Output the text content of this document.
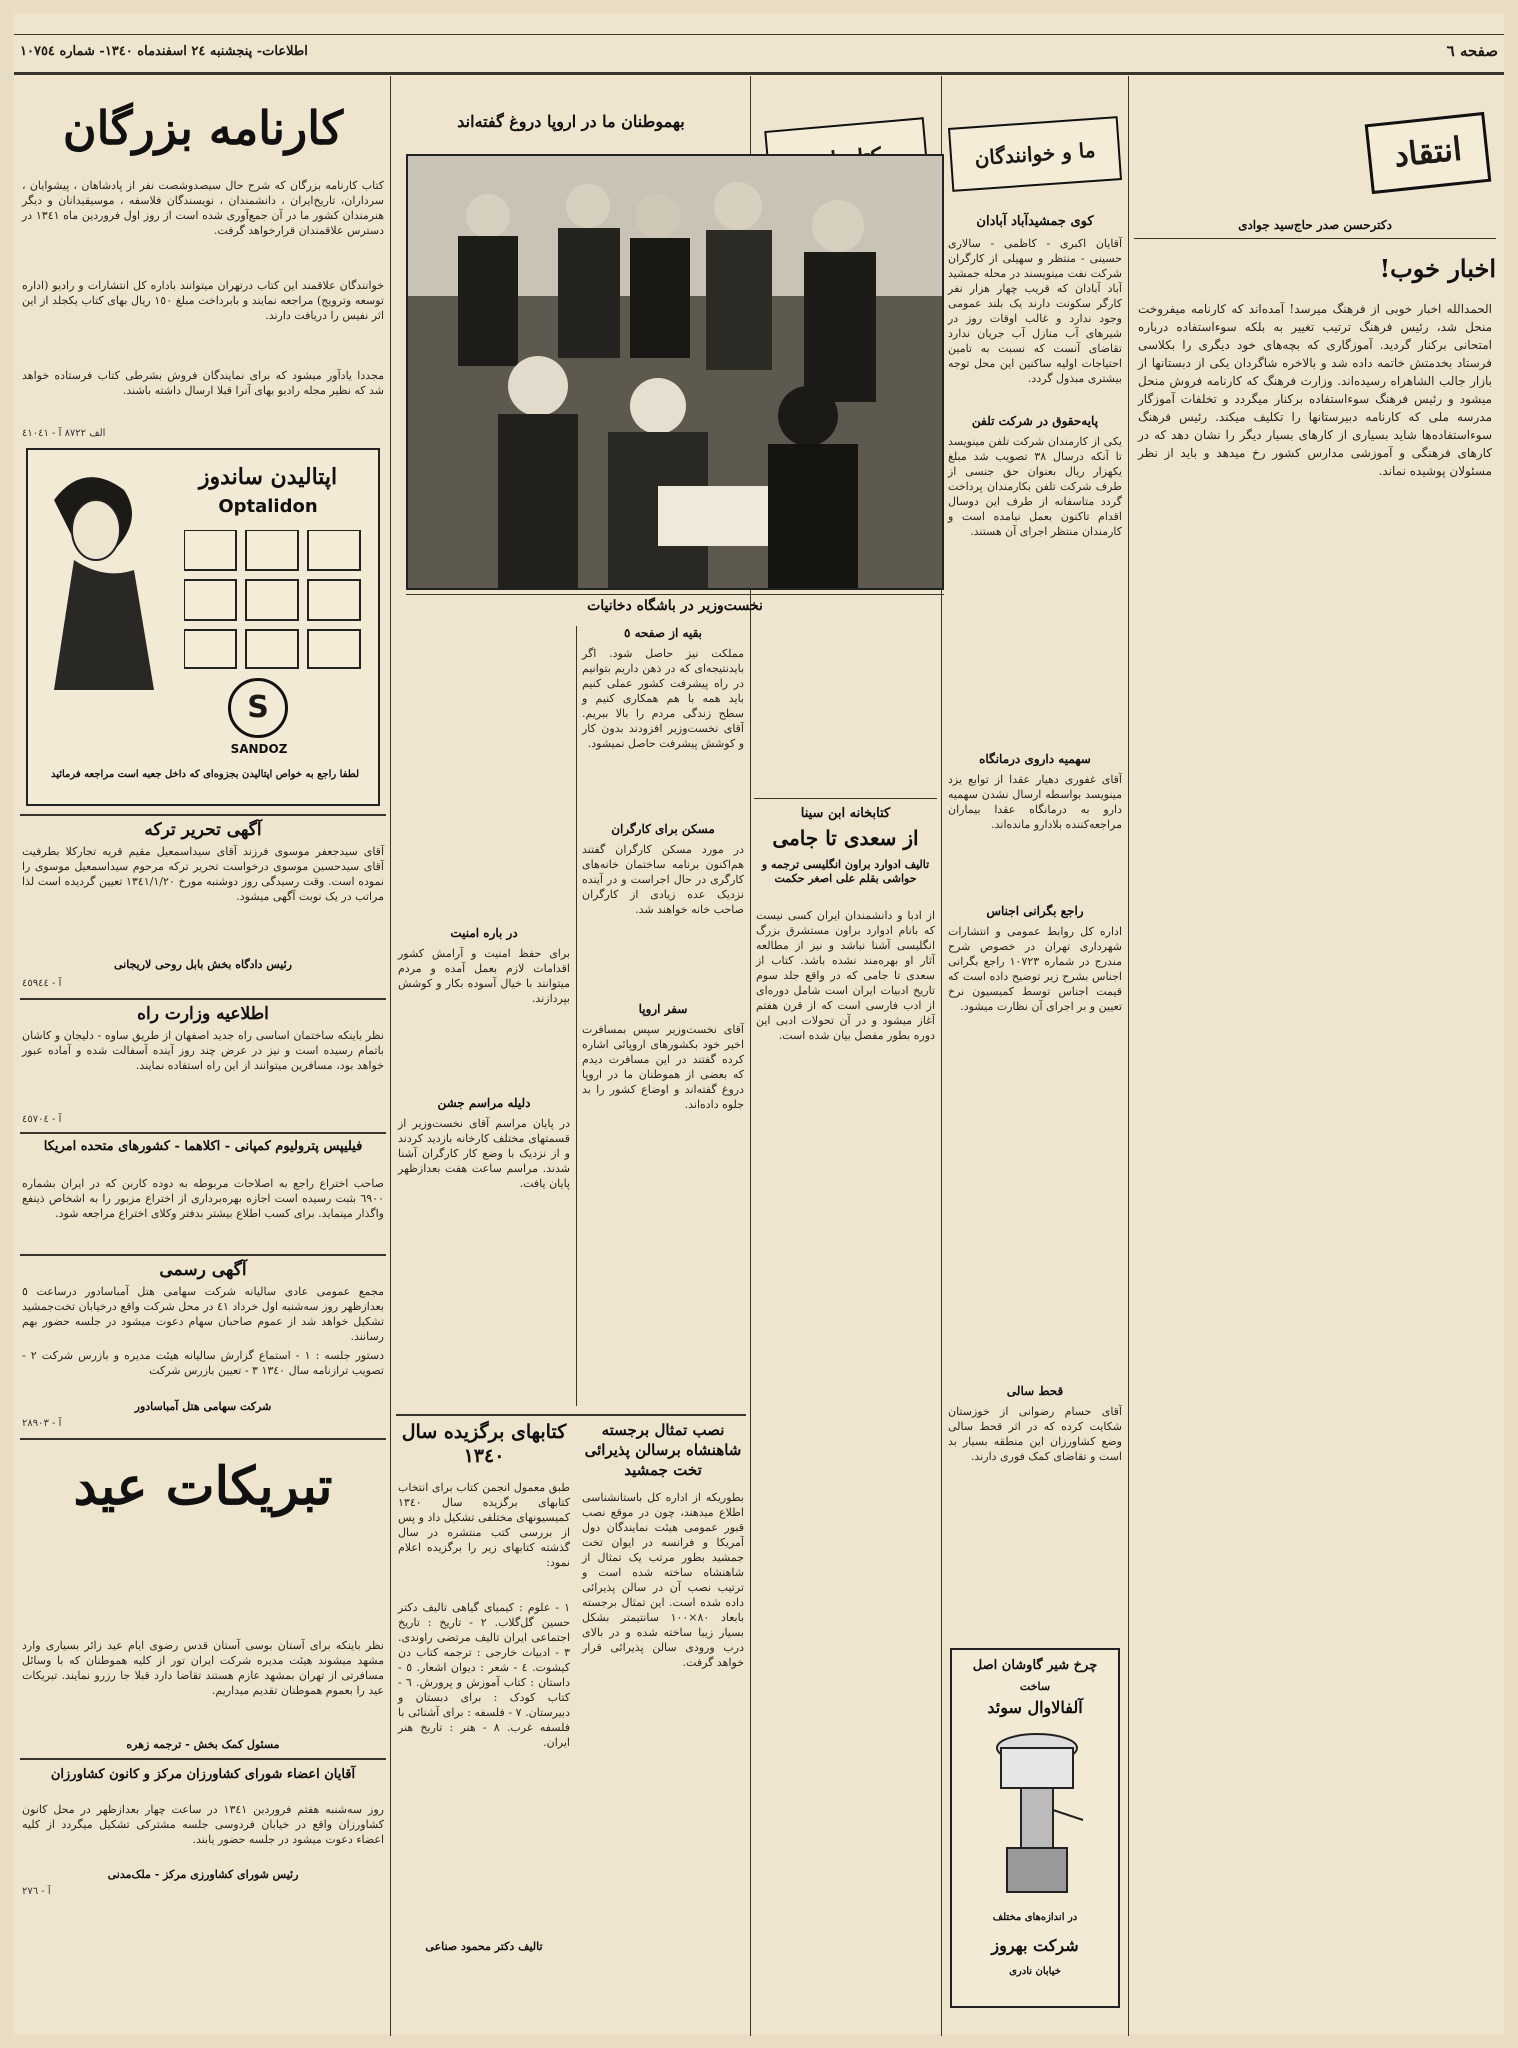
صفحه ٦
اطلاعات- پنجشنبه ٢٤ اسفندماه ١٣٤٠- شماره ١٠٧٥٤
انتقاد
دکترحسن صدر حاج‌سید جوادی
اخبار خوب!
الحمدالله اخبار خوبی از فرهنگ میرسد! آمده‌اند که کارنامه میفروخت منحل شد، رئیس فرهنگ ترتیب‌ تغییر به بلکه سوءاستفاده درباره امتحانی برکنار گردید. آموزگاری که بچه‌های خود دیگری را بکلاسی فرستاد بخدمتش خاتمه داده شد و بالاخره شاگردان یکی از دبستانها از بازار جالب الشاهراه رسیده‌اند. وزارت فرهنگ که کارنامه فروش منحل میشود و رئیس فرهنگ سوءاستفاده برکنار میگردد و تخلفات آموزگار مدرسه ملی که کارنامه دبیرستانها را تکلیف میکند. رئیس فرهنگ سوءاستفاده‌ها شاید بسیاری از کارهای بسیار دیگر را نشان دهد که در کارهای فرهنگی و آموزشی مدارس کشور رخ میدهد و باید از نظر مسئولان پوشیده نماند.
ما و خوانندگان
کوی جمشیدآباد آبادان
آقایان اکبری - کاظمی - سالاری حسینی - منتظر و سهیلی از کارگران شرکت نفت مینویسند در محله جمشید آباد آبادان که قریب چهار هزار نفر کارگر سکونت دارند یک بلند عمومی وجود ندارد و غالب اوقات روز در شیرهای آب منازل آب جریان ندارد تقاضای آنست که نسبت به تامین احتیاجات اولیه ساکنین این محل توجه بیشتری مبذول گردد.
پایه‌حقوق در شرکت تلفن
یکی از کارمندان شرکت تلفن مینویسد تا آنکه درسال ٣٨ تصویب شد مبلغ یکهزار ریال بعنوان حق جنسی از طرف شرکت تلفن بکارمندان پرداخت گردد متاسفانه از طرف این دوسال اقدام تاکنون بعمل نیامده است و کارمندان منتظر اجرای آن هستند.
سهمیه داروی درمانگاه
آقای غفوری دهیار عقدا از توابع یزد مینویسد بواسطه ارسال نشدن سهمیه دارو به درمانگاه عقدا بیماران مراجعه‌کننده بلادارو مانده‌اند.
راجع بگرانی اجناس
اداره کل روابط عمومی و انتشارات شهرداری تهران در خصوص شرح مندرج در شماره ١٠٧٢٣ راجع بگرانی اجناس بشرح زیر توضیح داده است که قیمت اجناس توسط کمیسیون نرخ تعیین و بر اجرای آن نظارت میشود.
قحط سالی
آقای حسام رضوانی از خوزستان شکایت کرده که در اثر قحط سالی وضع کشاورزان این منطقه بسیار بد است و تقاضای کمک فوری دارند.
چرخ شیر گاوشان اصل
ساخت
آلفالاوال سوئد
در اندازه‌های مختلف
شرکت بهروز
خیابان نادری
کتابخانه ابن سینا
از سعدی تا جامی
تالیف ادوارد براون انگلیسی ترجمه و حواشی بقلم علی اصغر حکمت
از ادبا و دانشمندان ایران کسی نیست که بانام ادوارد براون مستشرق بزرگ انگلیسی آشنا نباشد و نیز از مطالعه آثار او بهره‌مند نشده باشد. کتاب از سعدی تا جامی که در واقع جلد سوم تاریخ ادبیات ایران است شامل دوره‌ای از ادب فارسی است که از قرن هفتم آغاز میشود و در آن تحولات ادبی این دوره بطور مفصل بیان شده است.
بهموطنان ما در اروپا دروغ گفته‌اند
نخست‌وزیر در باشگاه دخانیات
بقیه از صفحه ٥
مملکت نیز حاصل شود. اگر بایدنتیجه‌ای که در ذهن داریم بتوانیم در راه پیشرفت کشور عملی کنیم باید همه با هم همکاری کنیم و سطح زندگی مردم را بالا ببریم. آقای نخست‌وزیر افزودند بدون کار و کوشش پیشرفت حاصل نمیشود.
مسکن برای کارگران
در مورد مسکن کارگران گفتند هم‌اکنون برنامه ساختمان خانه‌های کارگری در حال اجراست و در آینده نزدیک عده زیادی از کارگران صاحب خانه خواهند شد.
سفر اروپا
آقای نخست‌وزیر سپس بمسافرت اخیر خود بکشورهای اروپائی اشاره کرده گفتند در این مسافرت دیدم که بعضی از هموطنان ما در اروپا دروغ گفته‌اند و اوضاع کشور را بد جلوه داده‌اند.
در باره امنیت
برای حفظ امنیت و آرامش کشور اقدامات لازم بعمل آمده و مردم میتوانند با خیال آسوده بکار و کوشش بپردازند.
دلیله مراسم جشن
در پایان مراسم آقای نخست‌وزیر از قسمتهای مختلف کارخانه بازدید کردند و از نزدیک با وضع کار کارگران آشنا شدند. مراسم ساعت هفت بعدازظهر پایان یافت.
نصب تمثال برجسته شاهنشاه برسالن پذیرائی تخت جمشید
بطوریکه از اداره کل باستانشناسی اطلاع میدهند، چون در موقع نصب قبور عمومی هیئت نمایندگان دول آمریکا و فرانسه در ایوان تخت جمشید بطور مرتب یک تمثال از شاهنشاه ساخته شده است و ترتیب نصب آن در سالن پذیرائی داده شده است. این تمثال برجسته بابعاد ٨٠×١٠٠ سانتیمتر بشکل بسیار زیبا ساخته شده و در بالای درب ورودی سالن پذیرائی قرار خواهد گرفت.
کتابهای برگزیده سال ١٣٤٠
طبق معمول انجمن کتاب برای انتخاب کتابهای برگزیده سال ١٣٤٠ کمیسیونهای مختلفی تشکیل داد و پس از بررسی کتب منتشره در سال گذشته کتابهای زیر را برگزیده اعلام نمود:
١ - علوم : کیمیای گیاهی تالیف دکتر حسین گل‌گلاب. ٢ - تاریخ : تاریخ اجتماعی ایران تالیف مرتضی راوندی. ٣ - ادبیات خارجی : ترجمه کتاب دن کیشوت. ٤ - شعر : دیوان اشعار. ٥ - داستان : کتاب آموزش و پرورش. ٦ - کتاب کودک : برای دبستان و دبیرستان. ٧ - فلسفه : برای آشنائی با فلسفه غرب. ٨ - هنر : تاریخ هنر ایران.
تالیف دکتر محمود صناعی
کارنامه بزرگان
کتاب کارنامه بزرگان که شرح حال سیصدوشصت نفر از پادشاهان ، پیشوایان ، سرداران، تاریخ‌ایران ، دانشمندان ، نویسندگان فلاسفه ، موسیقیدانان و دیگر هنرمندان کشور ما در آن جمع‌آوری شده است از روز اول فروردین ماه ١٣٤١ در دسترس علاقمندان قرارخواهد گرفت.
خوانندگان علاقمند این کتاب درتهران میتوانند باداره کل انتشارات و رادیو (اداره توسعه وترویج) مراجعه نمایند و بابرداخت مبلغ ١٥٠ ریال بهای کتاب یکجلد از این اثر نفیس را دریافت دارند.
مجددا یادآور میشود که برای نمایندگان فروش بشرطی کتاب فرستاده خواهد شد که نظیر مجله رادیو بهای آنرا قبلا ارسال داشته باشند.
الف ٨٧٢٢ آ - ٤١٠٤١
اپتالیدن ساندوز
Optalidon
S
SANDOZ
لطفا راجع به خواص اپتالیدن بجزوه‌ای که داخل جعبه است مراجعه فرمائید
آگهی تحریر ترکه
آقای سیدجعفر موسوی فرزند آقای سیداسمعیل مقیم قریه تجارکلا بطرفیت آقای سیدحسین موسوی درخواست تحریر ترکه مرحوم سیداسمعیل موسوی را نموده است. وقت رسیدگی روز دوشنبه مورخ ١٣٤١/١/٢٠ تعیین گردیده است لذا مراتب در یک نوبت آگهی میشود.
رئیس دادگاه بخش بابل روحی لاریجانی
آ - ٤٥٩٤٤
اطلاعیه وزارت راه
نظر باینکه ساختمان اساسی راه جدید اصفهان از طریق ساوه - دلیجان و کاشان باتمام رسیده است و نیز در عرض چند روز آینده آسفالت شده و آماده عبور خواهد بود، مسافرین میتوانند از این راه استفاده نمایند.
آ - ٤٥٧٠٤
فیلیپس پترولیوم کمپانی - اکلاهما - کشورهای متحده امریکا
صاحب اختراع راجع به اصلاحات مربوطه به دوده کاربن که در ایران بشماره ٦٩٠٠ بثبت رسیده است اجازه بهره‌برداری از اختراع مزبور را به اشخاص ذینفع واگذار مینماید. برای کسب اطلاع بیشتر بدفتر وکلای اختراع مراجعه شود.
آگهی رسمی
مجمع عمومی عادی سالیانه شرکت سهامی هتل آمباسادور درساعت ٥ بعدازظهر روز سه‌شنبه اول خرداد ٤١ در محل شرکت واقع درخیابان تخت‌جمشید تشکیل خواهد شد از عموم صاحبان سهام دعوت میشود در جلسه حضور بهم رسانند.
دستور جلسه : ١ - استماع گزارش سالیانه هیئت مدیره و بازرس شرکت ٢ - تصویب ترازنامه سال ١٣٤٠ ٣ - تعیین بازرس شرکت
شرکت سهامی هتل آمباسادور
آ - ٢٨٩٠٣
تبریکات عید
نظر باینکه برای آستان بوسی آستان قدس رضوی ایام عید زائر بسیاری وارد مشهد میشوند هیئت مدیره شرکت ایران تور از کلیه هموطنان که با وسائل مسافرتی از تهران بمشهد عازم هستند تقاضا دارد قبلا جا رزرو نمایند. تبریکات عید را بعموم هموطنان تقدیم میداریم.
مسئول کمک بخش - ترجمه زهره
آقایان اعضاء شورای کشاورزان مرکز و کانون کشاورزان
روز سه‌شنبه هفتم فروردین ١٣٤١ در ساعت چهار بعدازظهر در محل کانون کشاورزان واقع در خیابان فردوسی جلسه مشترکی تشکیل میگردد از کلیه اعضاء دعوت میشود در جلسه حضور یابند.
رئیس شورای کشاورزی مرکز - ملک‌مدنی
آ - ٢٧٦
